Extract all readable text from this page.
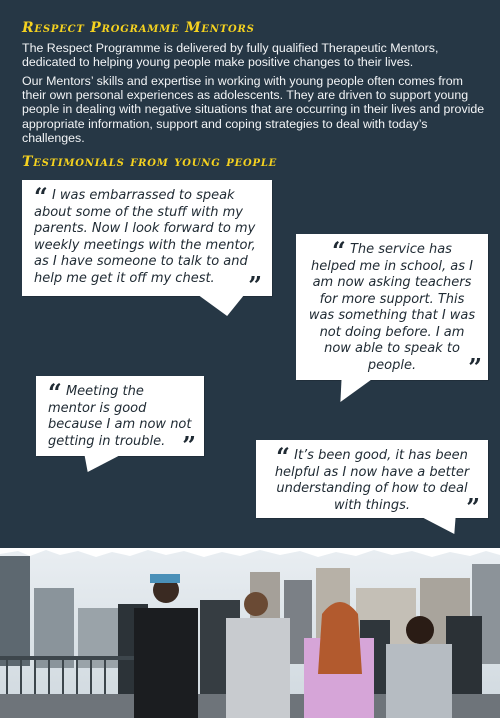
Respect Programme Mentors

The Respect Programme is delivered by fully qualified Therapeutic Mentors, dedicated to helping young people make positive changes to their lives.

Our Mentors’ skills and expertise in working with young people often comes from their own personal experiences as adolescents. They are driven to support young people in dealing with negative situations that are occurring in their lives and provide appropriate information, support and coping strategies to deal with today’s challenges.

Testimonials from young people
“ I was embarrassed to speak about some of the stuff with my parents. Now I look forward to my weekly meetings with the mentor, as I have someone to talk to and help me get it off my chest. ”
“ The service has helped me in school, as I am now asking teachers for more support. This was something that I was not doing before. I am now able to speak to people. ”
“ Meeting the mentor is good because I am now not getting in trouble. ”	“ It’s been good, it has been helpful as I now have a better understanding of how to deal with things. ”
